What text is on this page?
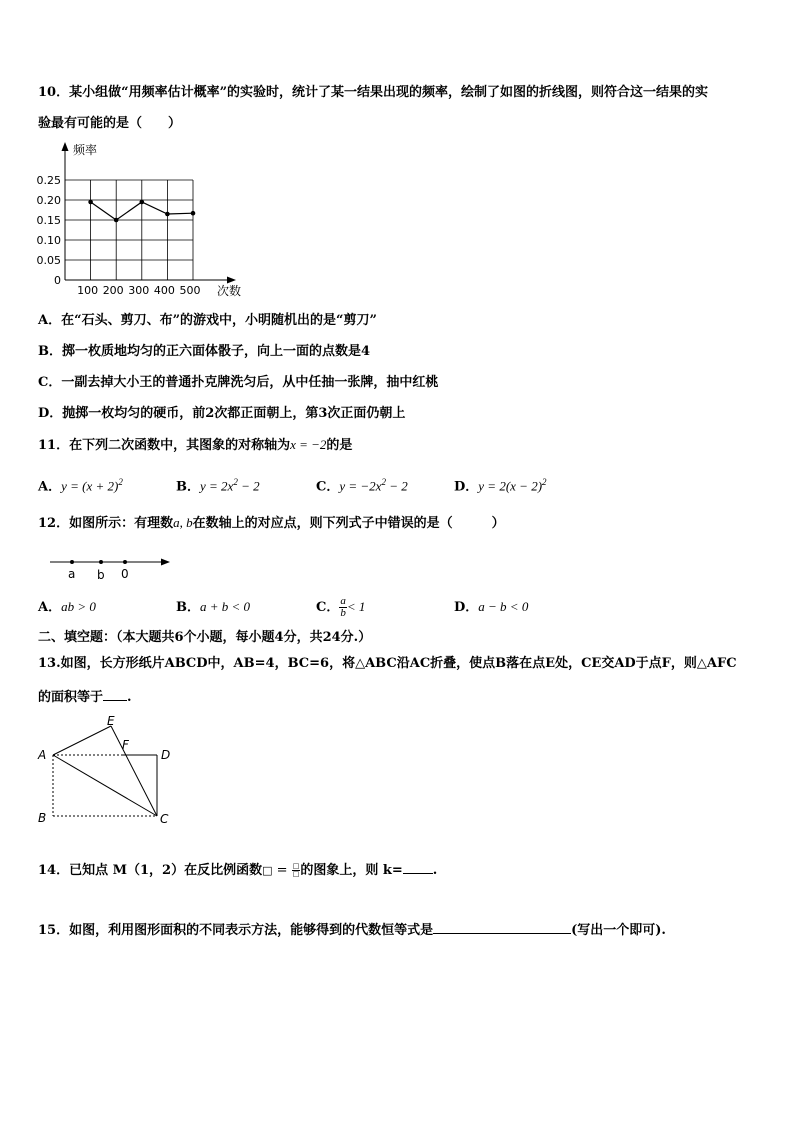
10．某小组做“用频率估计概率”的实验时，统计了某一结果出现的频率，绘制了如图的折线图，则符合这一结果的实
验最有可能的是（　　）
0
0.05
0.10
0.15
0.20
0.25
100 200 300 400 500
频率
次数
A．在“石头、剪刀、布”的游戏中，小明随机出的是“剪刀”
B．掷一枚质地均匀的正六面体骰子，向上一面的点数是4
C．一副去掉大小王的普通扑克牌洗匀后，从中任抽一张牌，抽中红桃
D．抛掷一枚均匀的硬币，前2次都正面朝上，第3次正面仍朝上
11．在下列二次函数中，其图象的对称轴为x = −2的是
A．$y = (x + 2)^2$	B．$y = 2x^2 - 2$	C．$y = -2x^2 - 2$	D．$y = 2(x - 2)^2$
12．如图所示：有理数a, b在数轴上的对应点，则下列式子中错误的是（　　　）
a b 0
A．ab > 0	B．a + b < 0	C． $\frac{a}{b} < 1$	D．a − b < 0
二、填空题：（本大题共6个小题，每小题4分，共24分.）
13.如图，长方形纸片ABCD中，AB=4，BC=6，将△ABC沿AC折叠，使点B落在点E处，CE交AD于点F，则△AFC
的面积等于 .
E
F
A	D
B	C
14．已知点 M（1，2）在反比例函数□ = $\frac{□}{□}$ 的图象上，则 k= .
15．如图，利用图形面积的不同表示方法，能够得到的代数恒等式是	(写出一个即可).
